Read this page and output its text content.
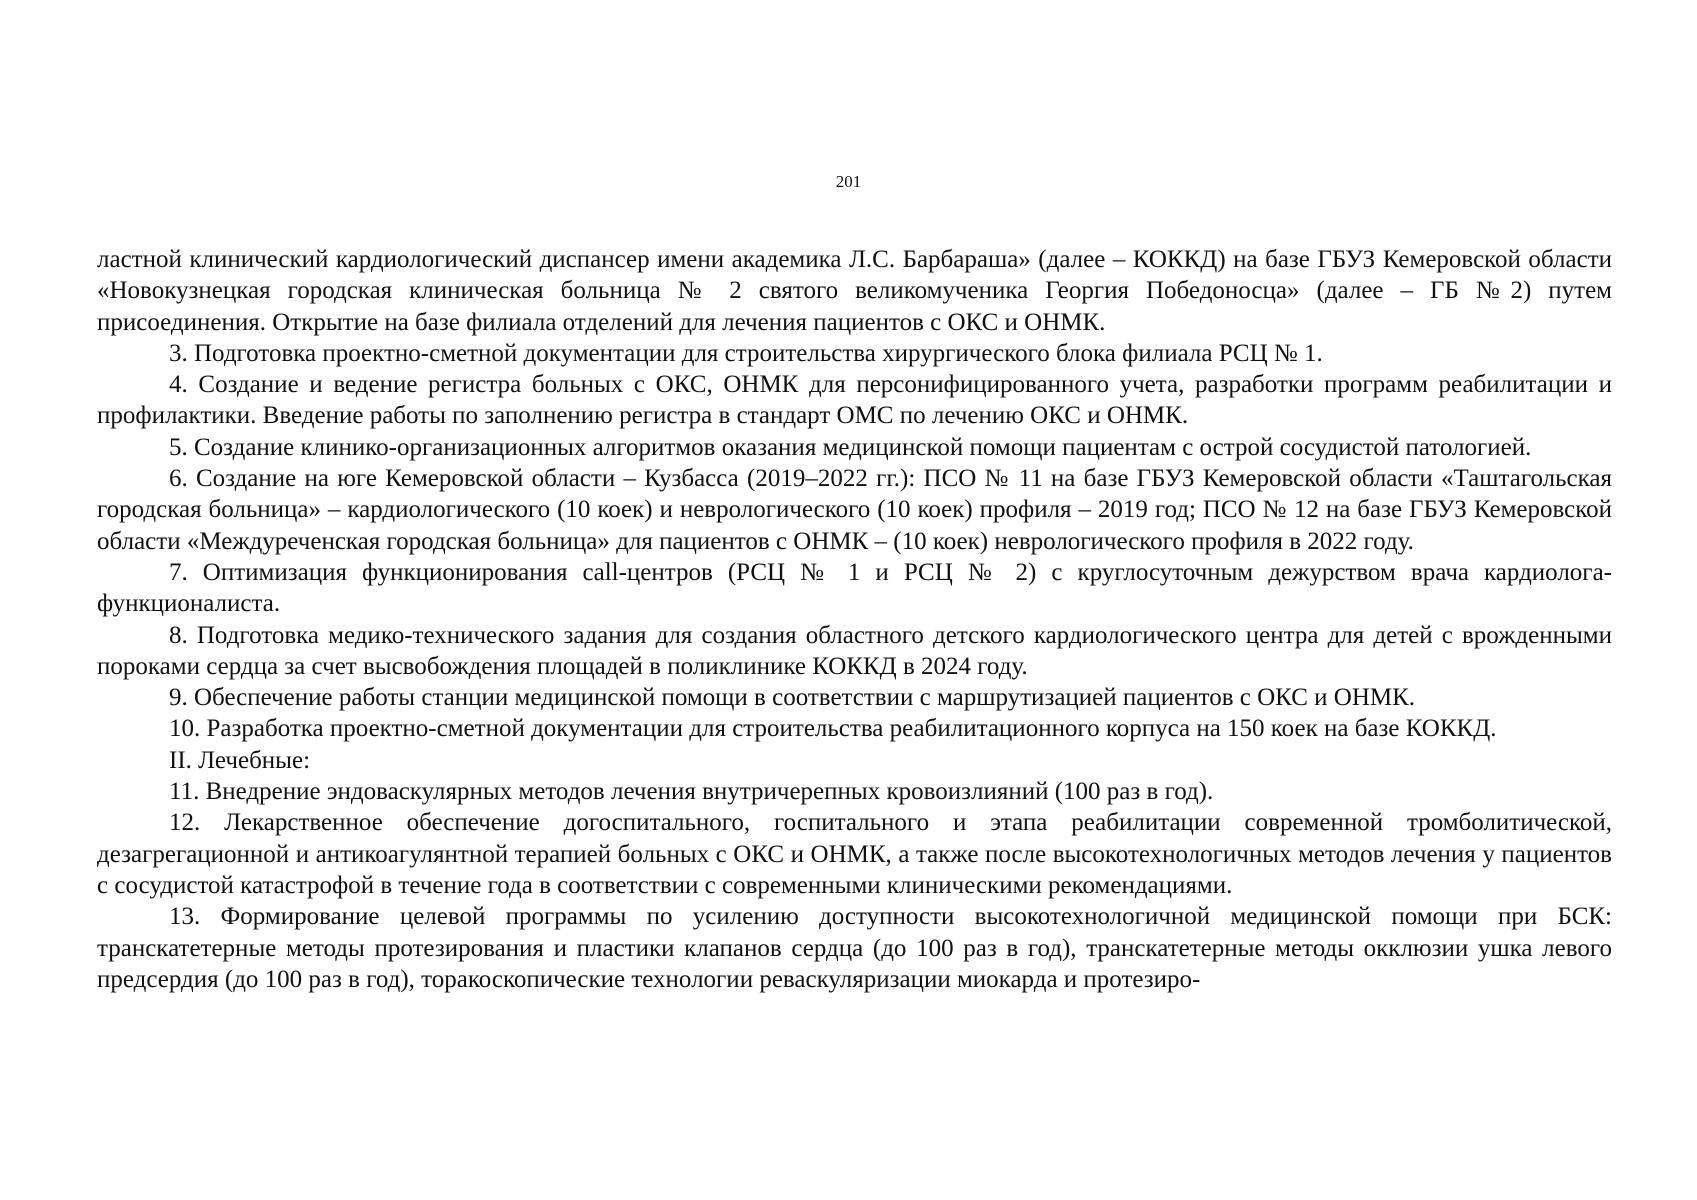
201

ластной клинический кардиологический диспансер имени академика Л.С. Барбараша» (далее – КОККД) на базе ГБУЗ Кемеровской области «Новокузнецкая городская клиническая больница № 2 святого великомученика Георгия Победоносца» (далее – ГБ №2) путем присоединения. Открытие на базе филиала отделений для лечения пациентов с ОКС и ОНМК.

3. Подготовка проектно-сметной документации для строительства хирургического блока филиала РСЦ № 1.

4. Создание и ведение регистра больных с ОКС, ОНМК для персонифицированного учета, разработки программ реабилитации и профилактики. Введение работы по заполнению регистра в стандарт ОМС по лечению ОКС и ОНМК.

5. Создание клинико-организационных алгоритмов оказания медицинской помощи пациентам с острой сосудистой патологией.

6. Создание на юге Кемеровской области – Кузбасса (2019–2022 гг.): ПСО № 11 на базе ГБУЗ Кемеровской области «Таштагольская городская больница» – кардиологического (10 коек) и неврологического (10 коек) профиля – 2019 год; ПСО № 12 на базе ГБУЗ Кемеровской области «Междуреченская городская больница» для пациентов с ОНМК – (10 коек) неврологического профиля в 2022 году.

7. Оптимизация функционирования call-центров (РСЦ № 1 и РСЦ № 2) с круглосуточным дежурством врача кардиолога-функционалиста.

8. Подготовка медико-технического задания для создания областного детского кардиологического центра для детей с врожденными пороками сердца за счет высвобождения площадей в поликлинике КОККД в 2024 году.

9. Обеспечение работы станции медицинской помощи в соответствии с маршрутизацией пациентов с ОКС и ОНМК.

10. Разработка проектно-сметной документации для строительства реабилитационного корпуса на 150 коек на базе КОККД.

II. Лечебные:

11. Внедрение эндоваскулярных методов лечения внутричерепных кровоизлияний (100 раз в год).

12. Лекарственное обеспечение догоспитального, госпитального и этапа реабилитации современной тромболитической, дезагрегационной и антикоагулянтной терапией больных с ОКС и ОНМК, а также после высокотехнологичных методов лечения у пациентов с сосудистой катастрофой в течение года в соответствии с современными клиническими рекомендациями.

13. Формирование целевой программы по усилению доступности высокотехнологичной медицинской помощи при БСК: транскатетерные методы протезирования и пластики клапанов сердца (до 100 раз в год), транскатетерные методы окклюзии ушка левого предсердия (до 100 раз в год), торакоскопические технологии реваскуляризации миокарда и протезиро-
